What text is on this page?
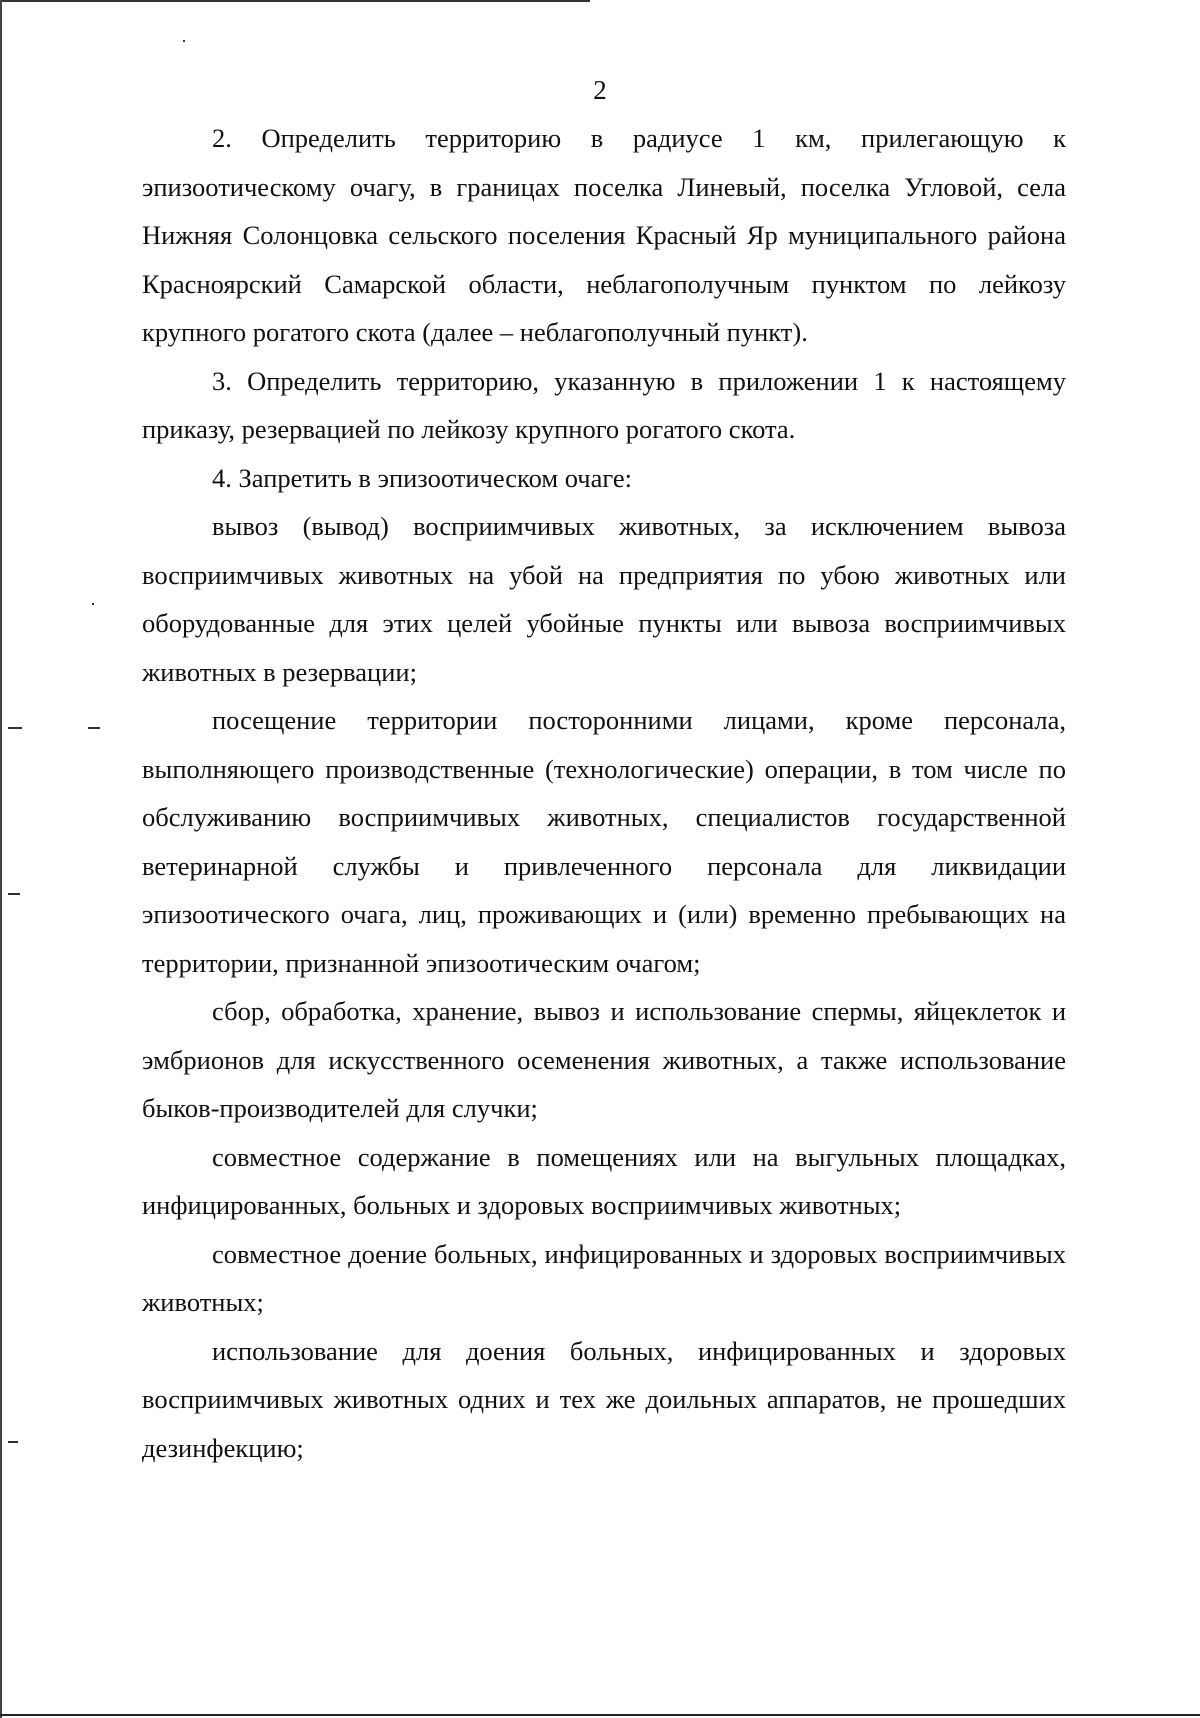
2

2. Определить территорию в радиусе 1 км, прилегающую к эпизоотическому очагу, в границах поселка Линевый, поселка Угловой, села Нижняя Солонцовка сельского поселения Красный Яр муниципального района Красноярский Самарской области, неблагополучным пунктом по лейкозу крупного рогатого скота (далее – неблагополучный пункт).

3. Определить территорию, указанную в приложении 1 к настоящему приказу, резервацией по лейкозу крупного рогатого скота.

4. Запретить в эпизоотическом очаге:

вывоз (вывод) восприимчивых животных, за исключением вывоза восприимчивых животных на убой на предприятия по убою животных или оборудованные для этих целей убойные пункты или вывоза восприимчивых животных в резервации;

посещение территории посторонними лицами, кроме персонала, выполняющего производственные (технологические) операции, в том числе по обслуживанию восприимчивых животных, специалистов государственной ветеринарной службы и привлеченного персонала для ликвидации эпизоотического очага, лиц, проживающих и (или) временно пребывающих на территории, признанной эпизоотическим очагом;

сбор, обработка, хранение, вывоз и использование спермы, яйцеклеток и эмбрионов для искусственного осеменения животных, а также использование быков-производителей для случки;

совместное содержание в помещениях или на выгульных площадках, инфицированных, больных и здоровых восприимчивых животных;

совместное доение больных, инфицированных и здоровых восприимчивых животных;

использование для доения больных, инфицированных и здоровых восприимчивых животных одних и тех же доильных аппаратов, не прошедших дезинфекцию;
